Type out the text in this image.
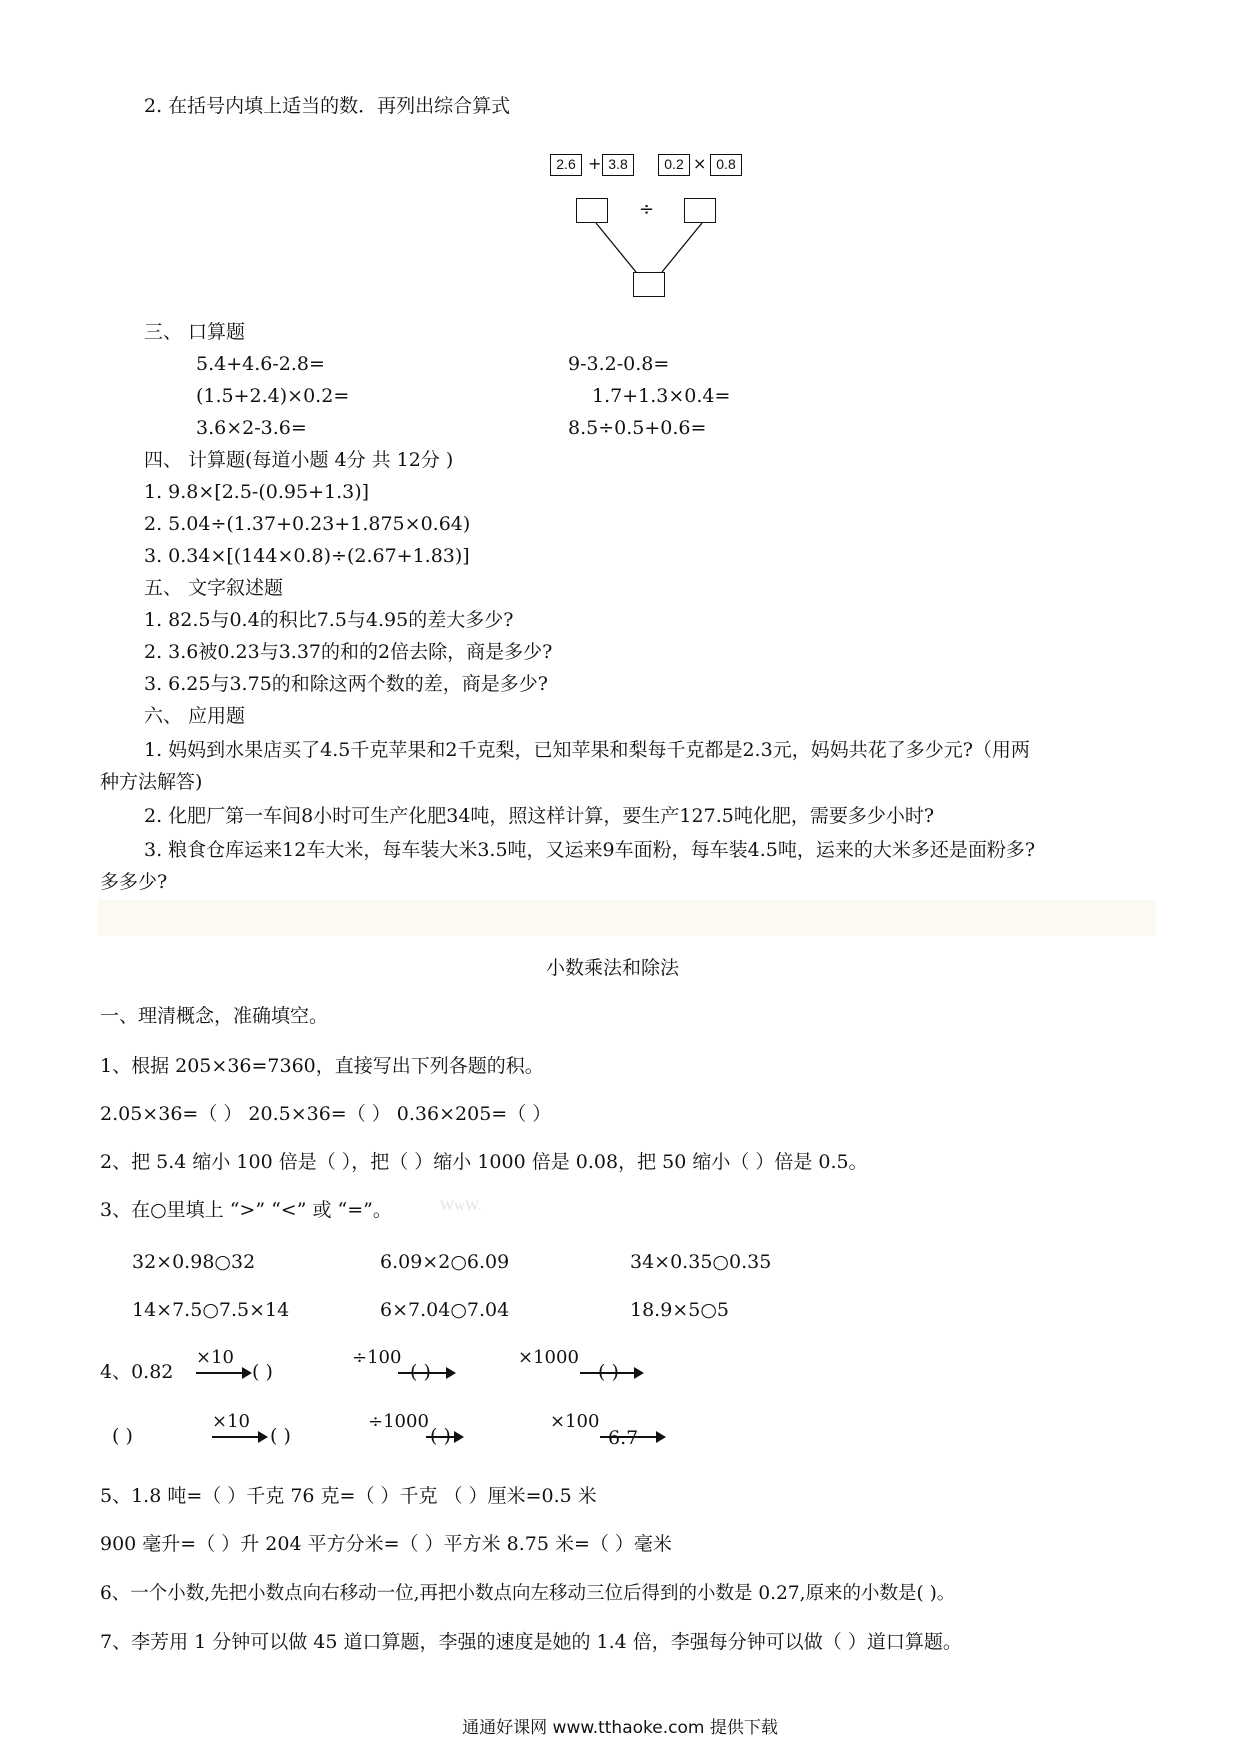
2. 在括号内填上适当的数．再列出综合算式
2.6 + 3.8	0.2 × 0.8
÷
三、 口算题
5.4+4.6-2.8=	9-3.2-0.8=
(1.5+2.4)×0.2=	1.7+1.3×0.4=
3.6×2-3.6=	8.5÷0.5+0.6=
四、 计算题(每道小题 4分 共 12分 )
1. 9.8×[2.5-(0.95+1.3)]
2. 5.04÷(1.37+0.23+1.875×0.64)
3. 0.34×[(144×0.8)÷(2.67+1.83)]
五、 文字叙述题
1. 82.5与0.4的积比7.5与4.95的差大多少?
2. 3.6被0.23与3.37的和的2倍去除，商是多少?
3. 6.25与3.75的和除这两个数的差，商是多少?
六、 应用题
1. 妈妈到水果店买了4.5千克苹果和2千克梨，已知苹果和梨每千克都是2.3元，妈妈共花了多少元?（用两
种方法解答)
2. 化肥厂第一车间8小时可生产化肥34吨，照这样计算，要生产127.5吨化肥，需要多少小时?
3. 粮食仓库运来12车大米，每车装大米3.5吨，又运来9车面粉，每车装4.5吨，运来的大米多还是面粉多?
多多少?
小数乘法和除法
一、理清概念，准确填空。
1、根据 205×36=7360，直接写出下列各题的积。
2.05×36=（ ） 20.5×36=（ ） 0.36×205=（ ）
2、把 5.4 缩小 100 倍是（ ），把（ ）缩小 1000 倍是 0.08，把 50 缩小（ ）倍是 0.5。
3、在○里填上 “>” “<” 或 “=”。	WwW.
32×0.98○32	6.09×2○6.09	34×0.35○0.35
14×7.5○7.5×14	6×7.04○7.04	18.9×5○5
4、0.82
×10
( )
÷100
( )
×1000
( )
( )
×10
( )
÷1000
( )
×100
6.7
5、1.8 吨=（ ）千克 76 克=（ ）千克 （ ）厘米=0.5 米
900 毫升=（ ）升 204 平方分米=（ ）平方米 8.75 米=（ ）毫米
6、一个小数,先把小数点向右移动一位,再把小数点向左移动三位后得到的小数是 0.27,原来的小数是( )。
7、李芳用 1 分钟可以做 45 道口算题，李强的速度是她的 1.4 倍，李强每分钟可以做（ ）道口算题。
通通好课网 www.tthaoke.com 提供下载
